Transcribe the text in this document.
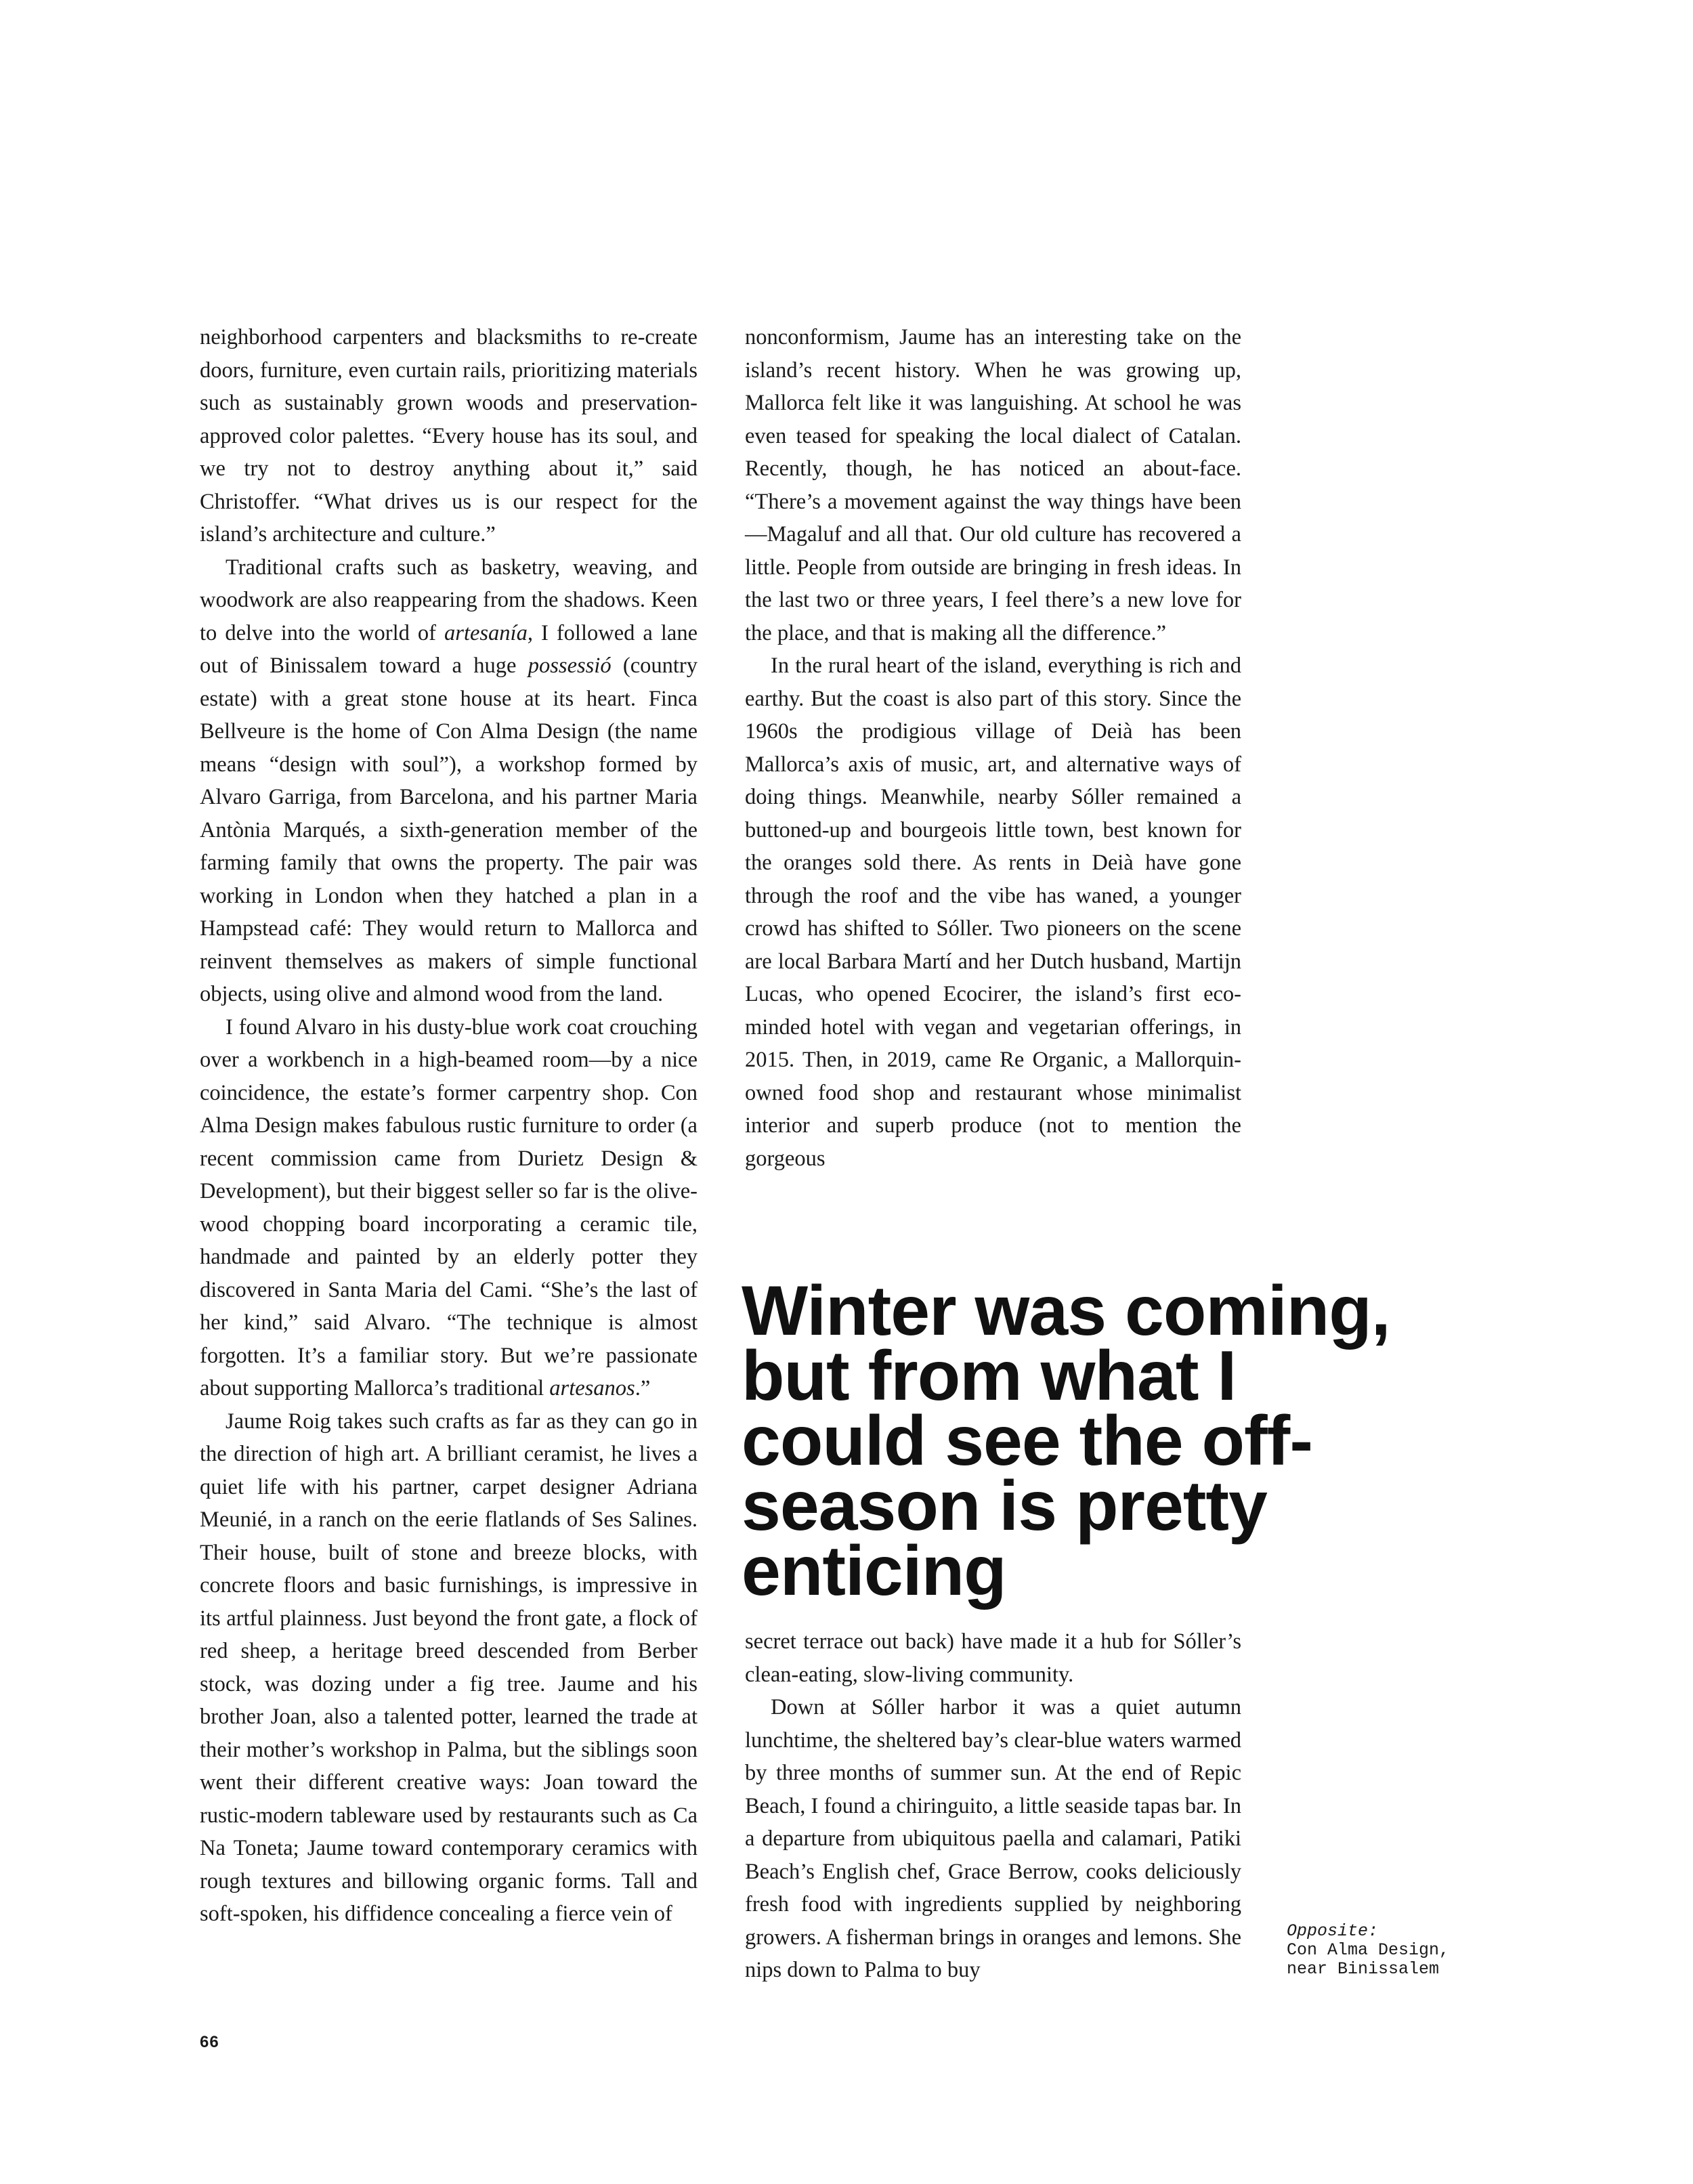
neighborhood carpenters and blacksmiths to re-create doors, furniture, even curtain rails, prioritizing materials such as sustainably grown woods and preservation-approved color palettes. “Every house has its soul, and we try not to destroy anything about it,” said Christoffer. “What drives us is our respect for the island’s architecture and culture.”

Traditional crafts such as basketry, weaving, and woodwork are also reappearing from the shadows. Keen to delve into the world of artesanía, I followed a lane out of Binissalem toward a huge possessió (country estate) with a great stone house at its heart. Finca Bellveure is the home of Con Alma Design (the name means “design with soul”), a workshop formed by Alvaro Garriga, from Barcelona, and his partner Maria Antònia Marqués, a sixth-generation member of the farming family that owns the property. The pair was working in London when they hatched a plan in a Hampstead café: They would return to Mallorca and reinvent themselves as makers of simple functional objects, using olive and almond wood from the land.

I found Alvaro in his dusty-blue work coat crouching over a workbench in a high-beamed room—by a nice coincidence, the estate’s former carpentry shop. Con Alma Design makes fabulous rustic furniture to order (a recent commission came from Durietz Design & Development), but their biggest seller so far is the olive-wood chopping board incorporating a ceramic tile, handmade and painted by an elderly potter they discovered in Santa Maria del Cami. “She’s the last of her kind,” said Alvaro. “The technique is almost forgotten. It’s a familiar story. But we’re passionate about supporting Mallorca’s traditional artesanos.”

Jaume Roig takes such crafts as far as they can go in the direction of high art. A brilliant ceramist, he lives a quiet life with his partner, carpet designer Adriana Meunié, in a ranch on the eerie flatlands of Ses Salines. Their house, built of stone and breeze blocks, with concrete floors and basic furnishings, is impressive in its artful plainness. Just beyond the front gate, a flock of red sheep, a heritage breed descended from Berber stock, was dozing under a fig tree. Jaume and his brother Joan, also a talented potter, learned the trade at their mother’s workshop in Palma, but the siblings soon went their different creative ways: Joan toward the rustic-modern tableware used by restaurants such as Ca Na Toneta; Jaume toward contemporary ceramics with rough textures and billowing organic forms. Tall and soft-spoken, his diffidence concealing a fierce vein of

nonconformism, Jaume has an interesting take on the island’s recent history. When he was growing up, Mallorca felt like it was languishing. At school he was even teased for speaking the local dialect of Catalan. Recently, though, he has noticed an about-face. “There’s a movement against the way things have been—Magaluf and all that. Our old culture has recovered a little. People from outside are bringing in fresh ideas. In the last two or three years, I feel there’s a new love for the place, and that is making all the difference.”

In the rural heart of the island, everything is rich and earthy. But the coast is also part of this story. Since the 1960s the prodigious village of Deià has been Mallorca’s axis of music, art, and alternative ways of doing things. Meanwhile, nearby Sóller remained a buttoned-up and bourgeois little town, best known for the oranges sold there. As rents in Deià have gone through the roof and the vibe has waned, a younger crowd has shifted to Sóller. Two pioneers on the scene are local Barbara Martí and her Dutch husband, Martijn Lucas, who opened Ecocirer, the island’s first eco-minded hotel with vegan and vegetarian offerings, in 2015. Then, in 2019, came Re Organic, a Mallorquin-owned food shop and restaurant whose minimalist interior and superb produce (not to mention the gorgeous

Winter was coming, but from what I could see the off-season is pretty enticing

secret terrace out back) have made it a hub for Sóller’s clean-eating, slow-living community.

Down at Sóller harbor it was a quiet autumn lunchtime, the sheltered bay’s clear-blue waters warmed by three months of summer sun. At the end of Repic Beach, I found a chiringuito, a little seaside tapas bar. In a departure from ubiquitous paella and calamari, Patiki Beach’s English chef, Grace Berrow, cooks deliciously fresh food with ingredients supplied by neighboring growers. A fisherman brings in oranges and lemons. She nips down to Palma to buy

Opposite:
Con Alma Design,
near Binissalem
66
